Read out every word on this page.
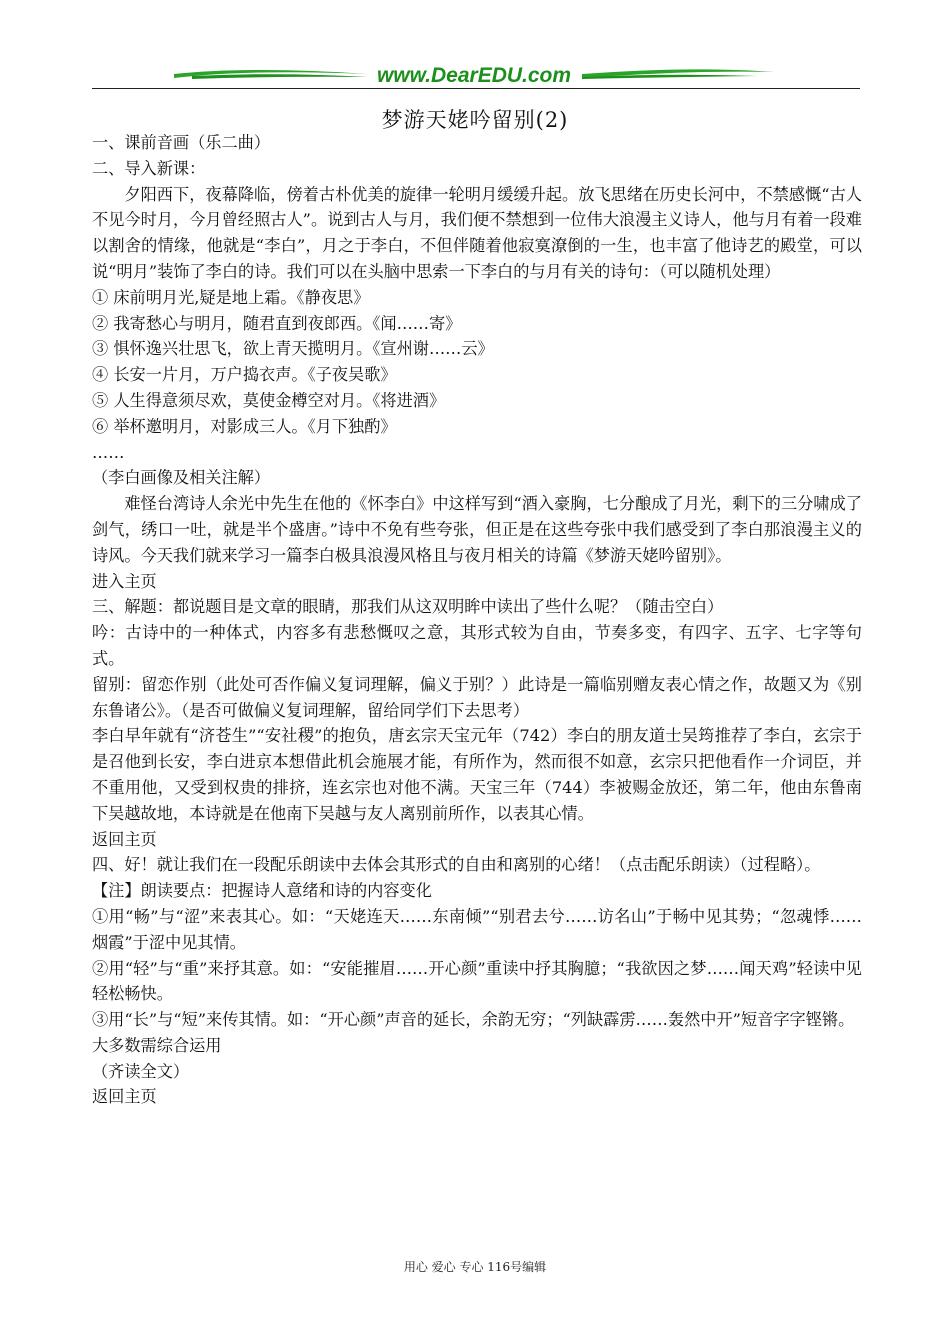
www.DearEDU.com
梦游天姥吟留别(2)

一、课前音画（乐二曲）

二、导入新课：

夕阳西下，夜幕降临，傍着古朴优美的旋律一轮明月缓缓升起。放飞思绪在历史长河中，不禁感慨“古人不见今时月，今月曾经照古人”。说到古人与月，我们便不禁想到一位伟大浪漫主义诗人，他与月有着一段难以割舍的情缘，他就是“李白”，月之于李白，不但伴随着他寂寞潦倒的一生，也丰富了他诗艺的殿堂，可以说“明月”装饰了李白的诗。我们可以在头脑中思索一下李白的与月有关的诗句：（可以随机处理）

① 床前明月光,疑是地上霜。《静夜思》

② 我寄愁心与明月，随君直到夜郎西。《闻……寄》

③ 惧怀逸兴壮思飞，欲上青天揽明月。《宣州谢……云》

④ 长安一片月，万户捣衣声。《子夜吴歌》

⑤ 人生得意须尽欢，莫使金樽空对月。《将进酒》

⑥ 举杯邀明月，对影成三人。《月下独酌》

……

（李白画像及相关注解）

难怪台湾诗人余光中先生在他的《怀李白》中这样写到“酒入豪胸，七分酿成了月光，剩下的三分啸成了剑气，绣口一吐，就是半个盛唐。”诗中不免有些夸张，但正是在这些夸张中我们感受到了李白那浪漫主义的诗风。今天我们就来学习一篇李白极具浪漫风格且与夜月相关的诗篇《梦游天姥吟留别》。

进入主页

三、解题：都说题目是文章的眼睛，那我们从这双明眸中读出了些什么呢？（随击空白）

吟：古诗中的一种体式，内容多有悲愁慨叹之意，其形式较为自由，节奏多变，有四字、五字、七字等句式。

留别：留恋作别（此处可否作偏义复词理解，偏义于别？）此诗是一篇临别赠友表心情之作，故题又为《别东鲁诸公》。（是否可做偏义复词理解，留给同学们下去思考）

李白早年就有“济苍生”“安社稷”的抱负，唐玄宗天宝元年（742）李白的朋友道士吴筠推荐了李白，玄宗于是召他到长安，李白进京本想借此机会施展才能，有所作为，然而很不如意，玄宗只把他看作一介词臣，并不重用他，又受到权贵的排挤，连玄宗也对他不满。天宝三年（744）李被赐金放还，第二年，他由东鲁南下吴越故地，本诗就是在他南下吴越与友人离别前所作，以表其心情。

返回主页

四、好！就让我们在一段配乐朗读中去体会其形式的自由和离别的心绪！（点击配乐朗读）（过程略）。

【注】朗读要点：把握诗人意绪和诗的内容变化

①用“畅”与“涩”来表其心。如：“天姥连天……东南倾”“别君去兮……访名山”于畅中见其势；“忽魂悸……烟霞”于涩中见其情。

②用“轻”与“重”来抒其意。如：“安能摧眉……开心颜”重读中抒其胸臆；“我欲因之梦……闻天鸡”轻读中见轻松畅快。

③用“长”与“短”来传其情。如：“开心颜”声音的延长，余韵无穷；“列缺霹雳……轰然中开”短音字字铿锵。

大多数需综合运用

（齐读全文）

返回主页

用心 爱心 专心 116号编辑
